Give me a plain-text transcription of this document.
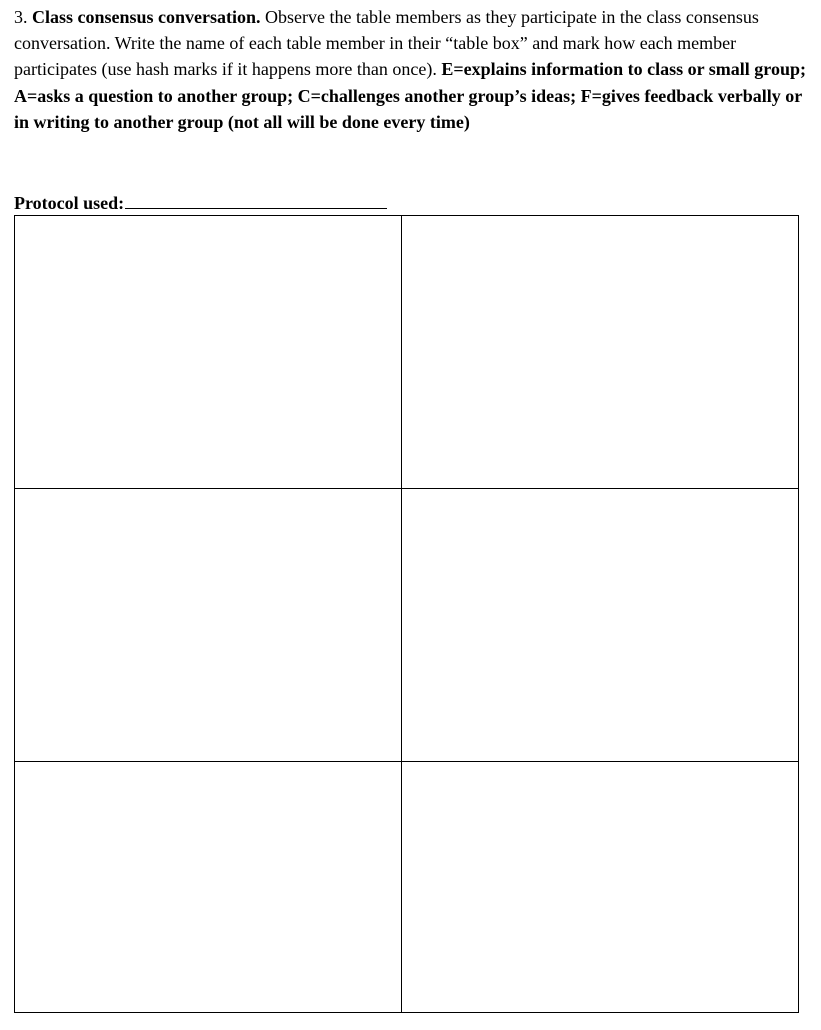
3. Class consensus conversation. Observe the table members as they participate in the class consensus conversation. Write the name of each table member in their “table box” and mark how each member participates (use hash marks if it happens more than once). E=explains information to class or small group; A=asks a question to another group; C=challenges another group’s ideas; F=gives feedback verbally or in writing to another group (not all will be done every time)

Protocol used:
